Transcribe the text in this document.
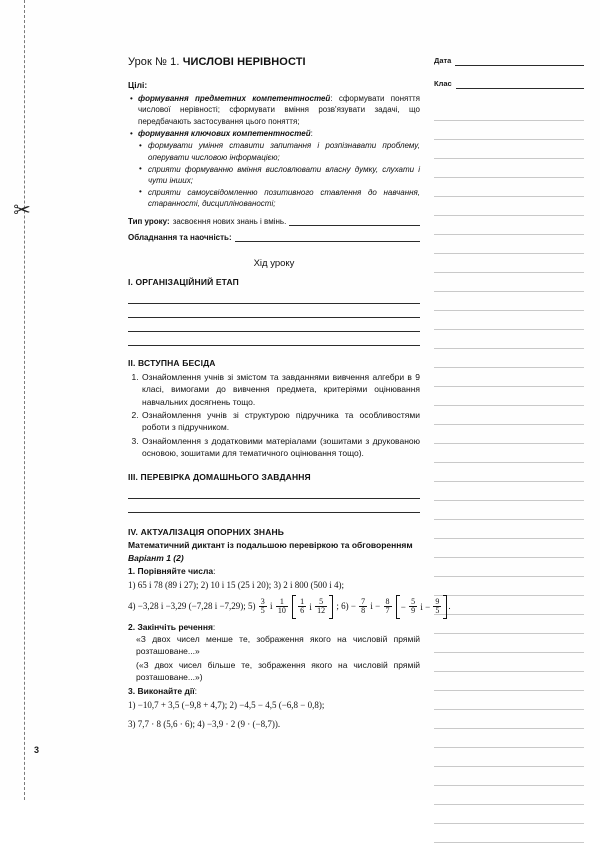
✂
Дата
Клас
Урок № 1. ЧИСЛОВІ НЕРІВНОСТІ
Цілі:
• формування предметних компетентностей: сформувати поняття числової нерівності; сформувати вміння розв'язувати задачі, що передбачають застосування цього поняття;
• формування ключових компетентностей:
• формувати уміння ставити запитання і розпізнавати проблему, оперувати числовою інформацією;
• сприяти формуванню вміння висловлювати власну думку, слухати і чути інших;
• сприяти самоусвідомленню позитивного ставлення до навчання, старанності, дисциплінованості;
Тип уроку: засвоєння нових знань і вмінь.
Обладнання та наочність:
Хід уроку
I. ОРГАНІЗАЦІЙНИЙ ЕТАП
II. ВСТУПНА БЕСІДА
1. Ознайомлення учнів зі змістом та завданнями вивчення алгебри в 9 класі, вимогами до вивчення предмета, критеріями оцінювання навчальних досягнень тощо.
2. Ознайомлення учнів зі структурою підручника та особливостями роботи з підручником.
3. Ознайомлення з додатковими матеріалами (зошитами з друкованою основою, зошитами для тематичного оцінювання тощо).
III. ПЕРЕВІРКА ДОМАШНЬОГО ЗАВДАННЯ
IV. АКТУАЛІЗАЦІЯ ОПОРНИХ ЗНАНЬ
Математичний диктант із подальшою перевіркою та обговоренням
Варіант 1 (2)
1. Порівняйте числа:
1) 65 і 78 (89 і 27); 2) 10 і 15 (25 і 20); 3) 2 і 800 (500 і 4);
4) −3,28 і −3,29 (−7,28 і −7,29); $5) \frac{3}{5}$ і $\frac{1}{10}$
$\frac{1}{6}$ і $\frac{5}{12}$ ; $6) - \frac{7}{8}$ $і - \frac{8}{7} - \frac{5}{9}$ $і - \frac{9}{5}$ .
2. Закінчіть речення:
«З двох чисел менше те, зображення якого на числовій прямій розташоване...»
(«З двох чисел більше те, зображення якого на числовій прямій розташоване...»)
3. Виконайте дії:
1) −10,7 + 3,5 (−9,8 + 4,7); 2) −4,5 − 4,5 (−6,8 − 0,8);
3) 7,7 · 8 (5,6 · 6); 4) −3,9 · 2 (9 · (−8,7)).
3
